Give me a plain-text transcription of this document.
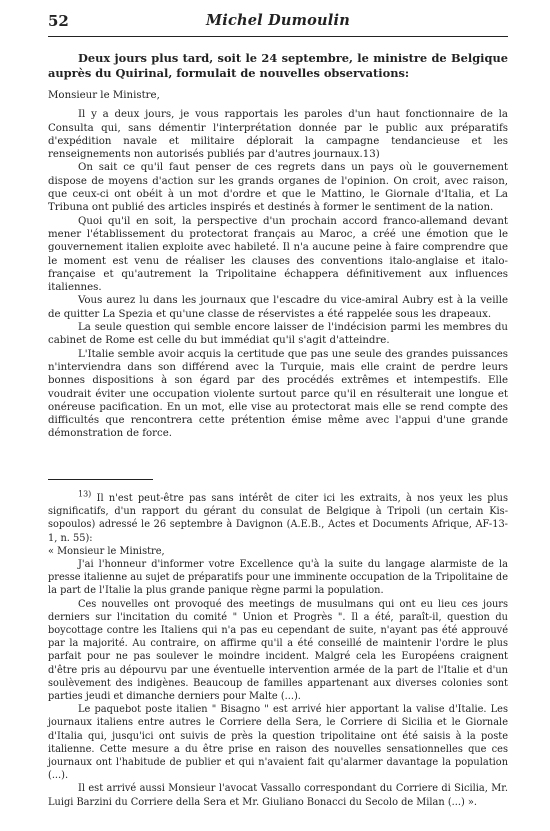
52	Michel Dumoulin

Deux jours plus tard, soit le 24 septembre, le ministre de Belgique auprès du Quirinal, formulait de nouvelles observations:

Monsieur le Ministre,

Il y a deux jours, je vous rapportais les paroles d'un haut fonctionnaire de la Consulta qui, sans démentir l'interprétation donnée par le public aux préparatifs d'expédition navale et militaire déplorait la campagne tendancieuse et les renseignements non autorisés publiés par d'autres journaux.13)

On sait ce qu'il faut penser de ces regrets dans un pays où le gouvernement dispose de moyens d'action sur les grands organes de l'opinion. On croit, avec raison, que ceux-ci ont obéit à un mot d'ordre et que le Mattino, le Giornale d'Italia, et La Tribuna ont publié des articles inspirés et destinés à former le sentiment de la nation.

Quoi qu'il en soit, la perspective d'un prochain accord franco-allemand devant mener l'établissement du protectorat français au Maroc, a créé une émotion que le gouvernement italien exploite avec habileté. Il n'a aucune peine à faire comprendre que le moment est venu de réaliser les clauses des conventions italo-anglaise et italo-française et qu'autrement la Tripolitaine échappera définitivement aux influences italiennes.

Vous aurez lu dans les journaux que l'escadre du vice-amiral Aubry est à la veille de quitter La Spezia et qu'une classe de réservistes a été rappelée sous les drapeaux.

La seule question qui semble encore laisser de l'indécision parmi les membres du cabinet de Rome est celle du but immédiat qu'il s'agit d'atteindre.

L'Italie semble avoir acquis la certitude que pas une seule des grandes puissances n'interviendra dans son différend avec la Turquie, mais elle craint de perdre leurs bonnes dispositions à son égard par des procédés extrêmes et intempestifs. Elle voudrait éviter une occupation violente surtout parce qu'il en résulterait une longue et onéreuse pacification. En un mot, elle vise au protectorat mais elle se rend compte des difficultés que rencontrera cette prétention émise même avec l'appui d'une grande démonstration de force.

$^{13)}$ Il n'est peut-être pas sans intérêt de citer ici les extraits, à nos yeux les plus significatifs, d'un rapport du gérant du consulat de Belgique à Tripoli (un certain Kis-sopoulos) adressé le 26 septembre à Davignon (A.E.B., Actes et Documents Afrique, AF-13-1, n. 55):

« Monsieur le Ministre,

J'ai l'honneur d'informer votre Excellence qu'à la suite du langage alarmiste de la presse italienne au sujet de préparatifs pour une imminente occupation de la Tripolitaine de la part de l'Italie la plus grande panique règne parmi la population.

Ces nouvelles ont provoqué des meetings de musulmans qui ont eu lieu ces jours derniers sur l'incitation du comité " Union et Progrès ". Il a été, paraît-il, question du boycottage contre les Italiens qui n'a pas eu cependant de suite, n'ayant pas été approuvé par la majorité. Au contraire, on affirme qu'il a été conseillé de maintenir l'ordre le plus parfait pour ne pas soulever le moindre incident. Malgré cela les Européens craignent d'être pris au dépourvu par une éventuelle intervention armée de la part de l'Italie et d'un soulèvement des indigènes. Beaucoup de familles appartenant aux diverses colonies sont parties jeudi et dimanche derniers pour Malte (...).

Le paquebot poste italien " Bisagno " est arrivé hier apportant la valise d'Italie. Les journaux italiens entre autres le Corriere della Sera, le Corriere di Sicilia et le Giornale d'Italia qui, jusqu'ici ont suivis de près la question tripolitaine ont été saisis à la poste italienne. Cette mesure a du être prise en raison des nouvelles sensationnelles que ces journaux ont l'habitude de publier et qui n'avaient fait qu'alarmer davantage la population (...).

Il est arrivé aussi Monsieur l'avocat Vassallo correspondant du Corriere di Sicilia, Mr. Luigi Barzini du Corriere della Sera et Mr. Giuliano Bonacci du Secolo de Milan (...) ».
